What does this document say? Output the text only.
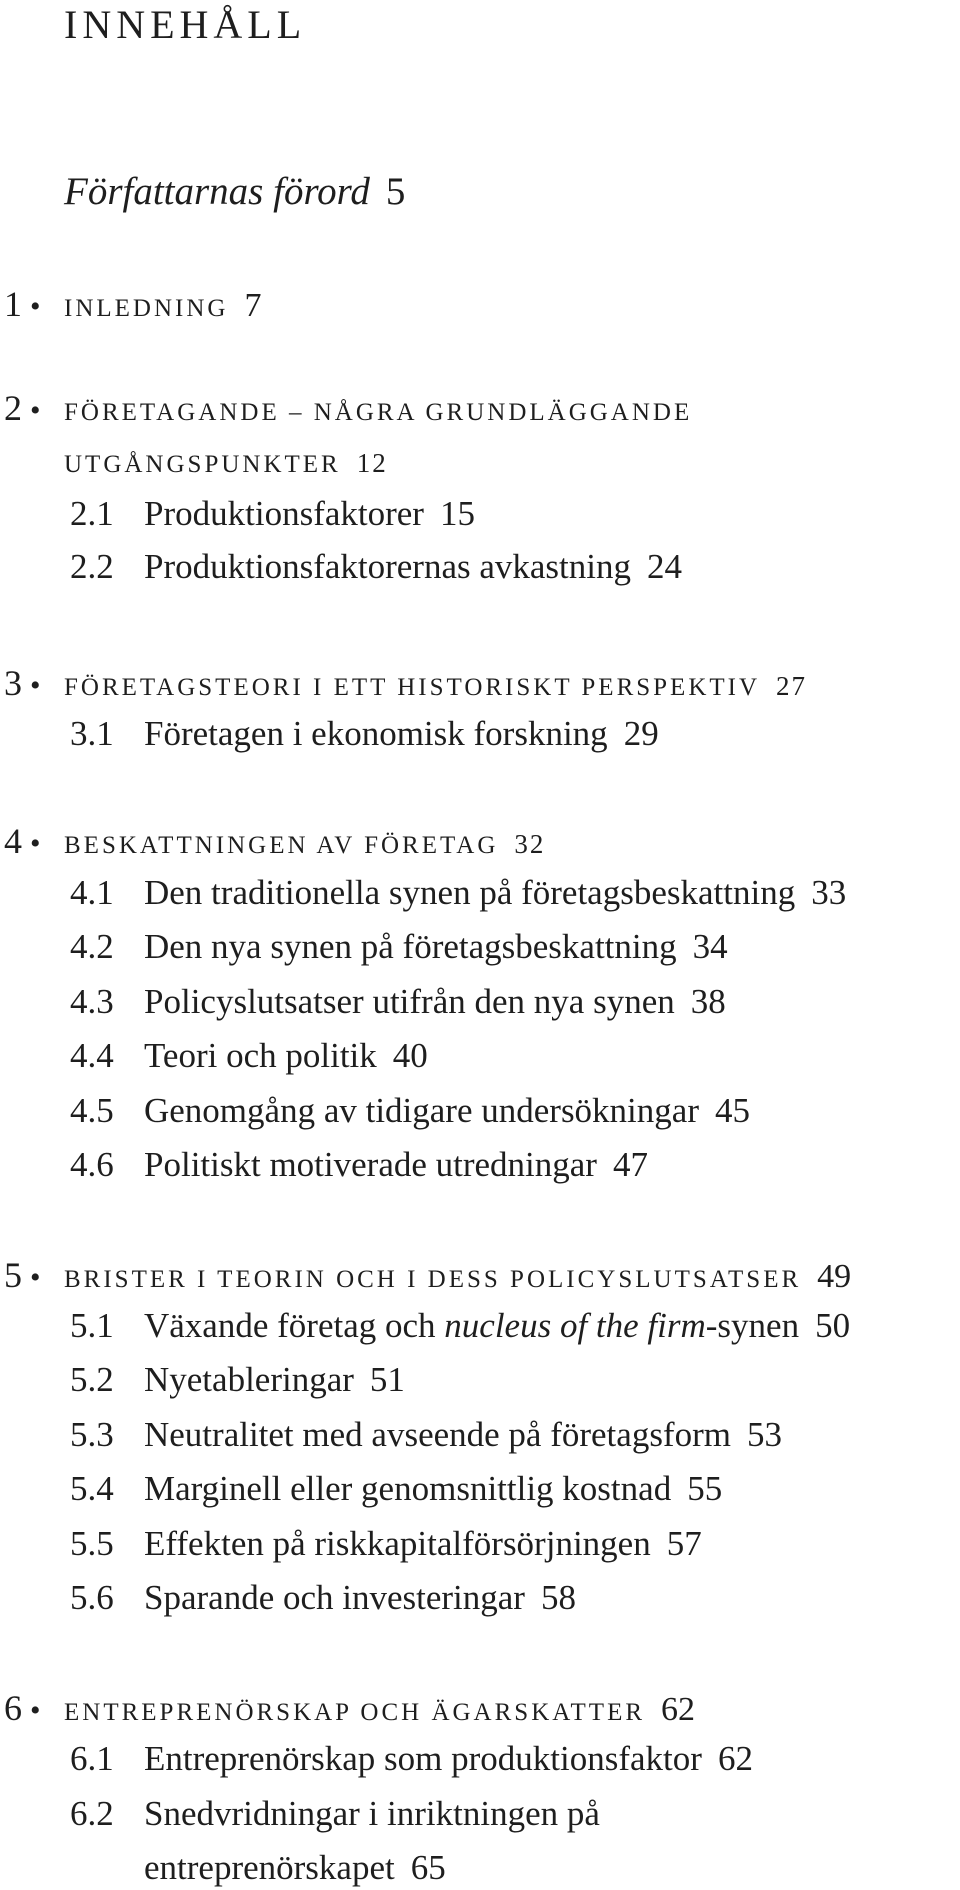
INNEHÅLL
Författarnas förord 5
1 • INLEDNING 7
2 • FÖRETAGANDE – NÅGRA GRUNDLÄGGANDE
UTGÅNGSPUNKTER 12
2.1 Produktionsfaktorer 15
2.2 Produktionsfaktorernas avkastning 24
3 • FÖRETAGSTEORI I ETT HISTORISKT PERSPEKTIV 27
3.1 Företagen i ekonomisk forskning 29
4 • BESKATTNINGEN AV FÖRETAG 32
4.1 Den traditionella synen på företagsbeskattning 33
4.2 Den nya synen på företagsbeskattning 34
4.3 Policyslutsatser utifrån den nya synen 38
4.4 Teori och politik 40
4.5 Genomgång av tidigare undersökningar 45
4.6 Politiskt motiverade utredningar 47
5 • BRISTER I TEORIN OCH I DESS POLICYSLUTSATSER 49
5.1 Växande företag och nucleus of the firm-synen 50
5.2 Nyetableringar 51
5.3 Neutralitet med avseende på företagsform 53
5.4 Marginell eller genomsnittlig kostnad 55
5.5 Effekten på riskkapitalförsörjningen 57
5.6 Sparande och investeringar 58
6 • ENTREPRENÖRSKAP OCH ÄGARSKATTER 62
6.1 Entreprenörskap som produktionsfaktor 62
6.2 Snedvridningar i inriktningen på
entreprenörskapet 65
